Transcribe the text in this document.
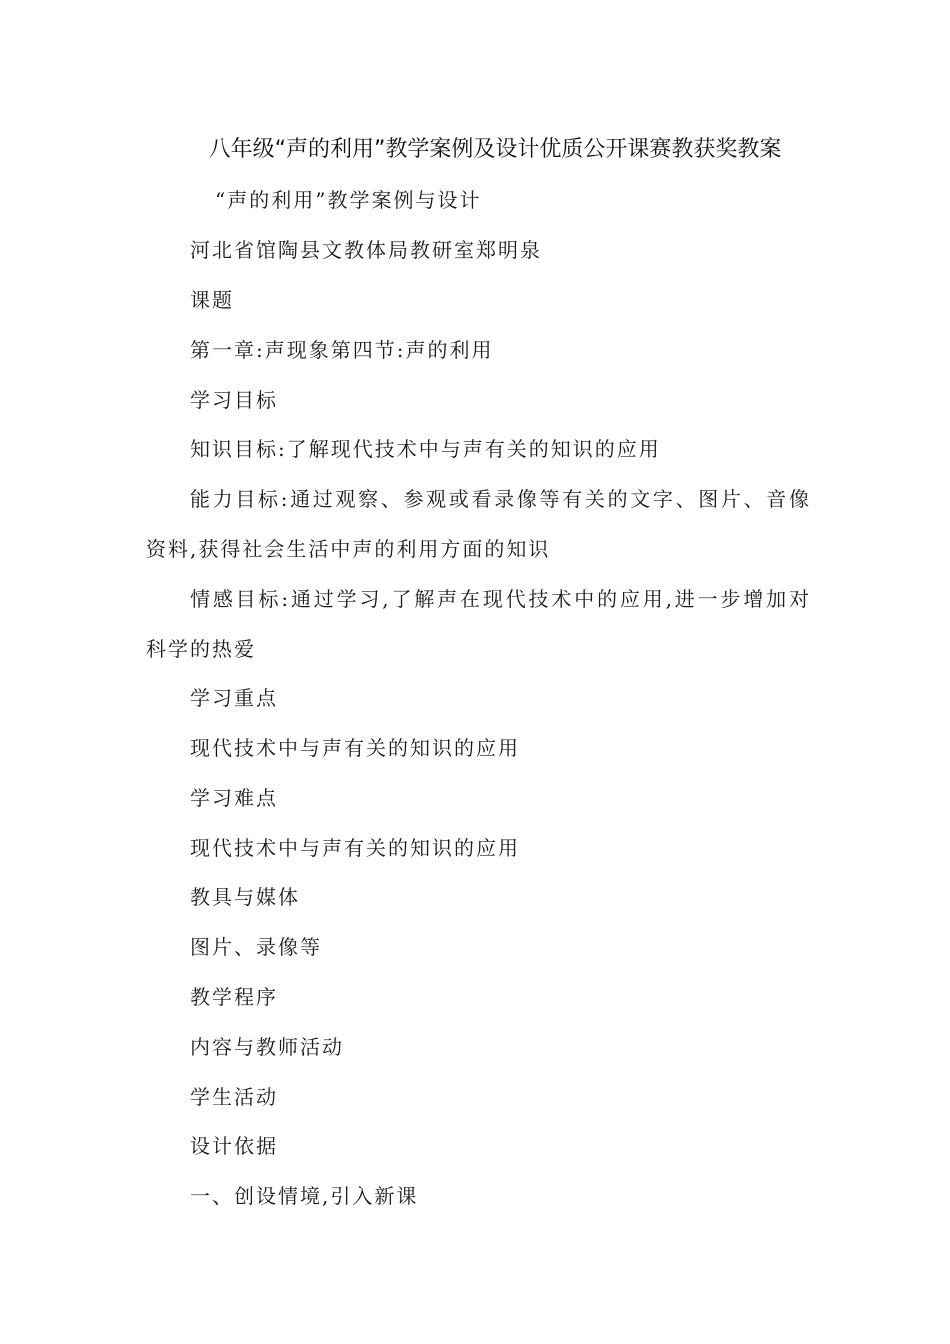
八年级“声的利用”教学案例及设计优质公开课赛教获奖教案
“声的利用”教学案例与设计
河北省馆陶县文教体局教研室郑明泉
课题
第一章:声现象第四节:声的利用
学习目标
知识目标:了解现代技术中与声有关的知识的应用
能力目标:通过观察、参观或看录像等有关的文字、图片、音像
资料,获得社会生活中声的利用方面的知识
情感目标:通过学习,了解声在现代技术中的应用,进一步增加对
科学的热爱
学习重点
现代技术中与声有关的知识的应用
学习难点
现代技术中与声有关的知识的应用
教具与媒体
图片、录像等
教学程序
内容与教师活动
学生活动
设计依据
一、创设情境,引入新课
